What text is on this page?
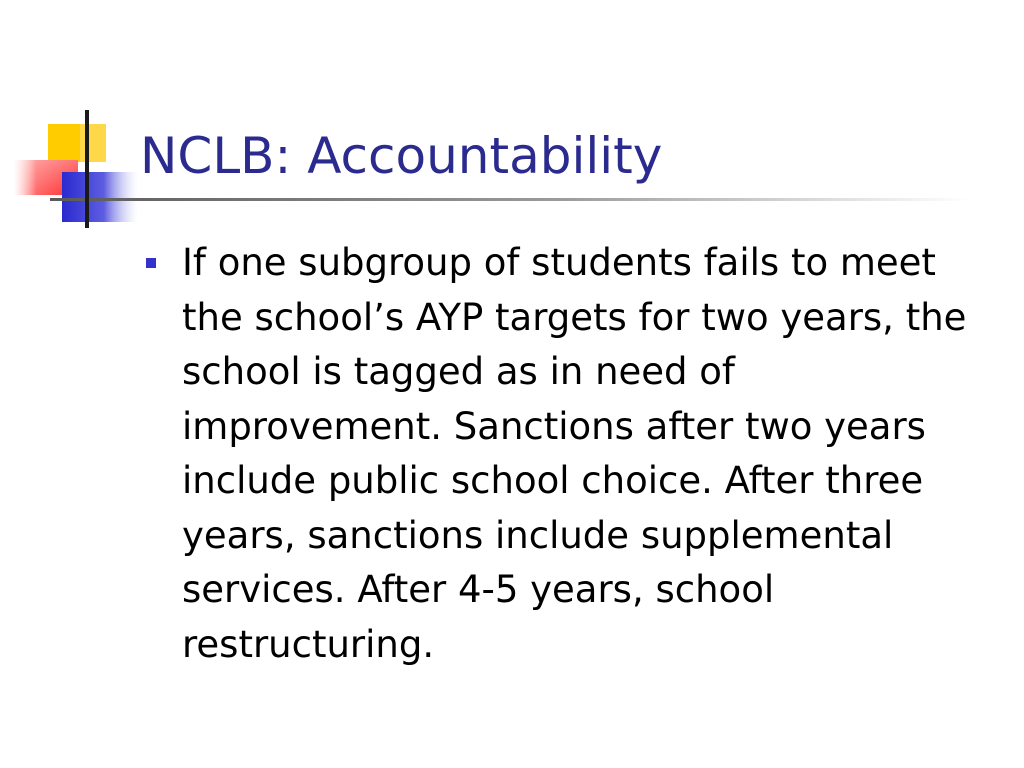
NCLB: Accountability
If one subgroup of students fails to meet the school’s AYP targets for two years, the school is tagged as in need of improvement. Sanctions after two years include public school choice. After three years, sanctions include supplemental services. After 4-5 years, school restructuring.
